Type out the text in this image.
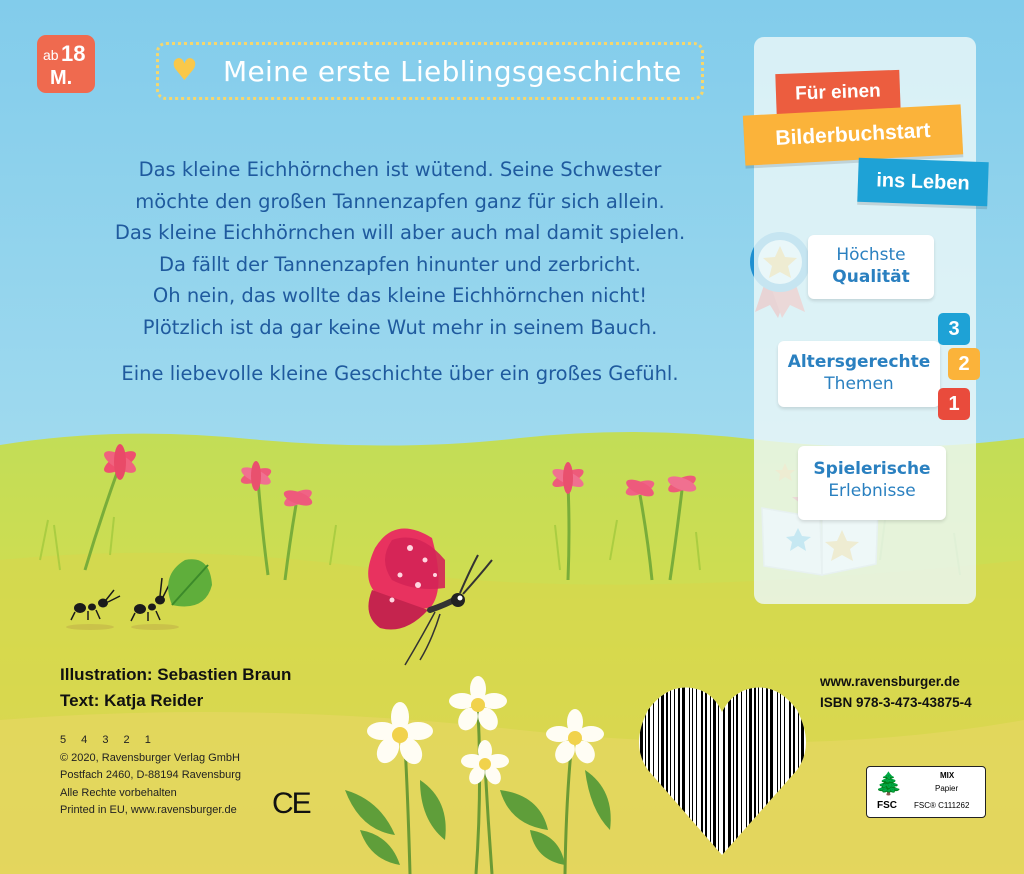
ab 18
M.	♥ Meine erste Lieblingsgeschichte

Das kleine Eichhörnchen ist wütend. Seine Schwester

möchte den großen Tannenzapfen ganz für sich allein.

Das kleine Eichhörnchen will aber auch mal damit spielen.

Da fällt der Tannenzapfen hinunter und zerbricht.

Oh nein, das wollte das kleine Eichhörnchen nicht!

Plötzlich ist da gar keine Wut mehr in seinem Bauch.

Eine liebevolle kleine Geschichte über ein großes Gefühl.

Für einen
Bilderbuchstart
ins Leben
Höchste
Qualität
Altersgerechte
Themen
3
2
1
Spielerische
Erlebnisse
Illustration: Sebastien Braun
Text: Katja Reider
5 4 3 2 1
© 2020, Ravensburger Verlag GmbH
Postfach 2460, D-88194 Ravensburg
Alle Rechte vorbehalten
Printed in EU, www.ravensburger.de CE
www.ravensburger.de
ISBN 978-3-473-43875-4
🌲
FSC
MIX
Papier
FSC® C111262
